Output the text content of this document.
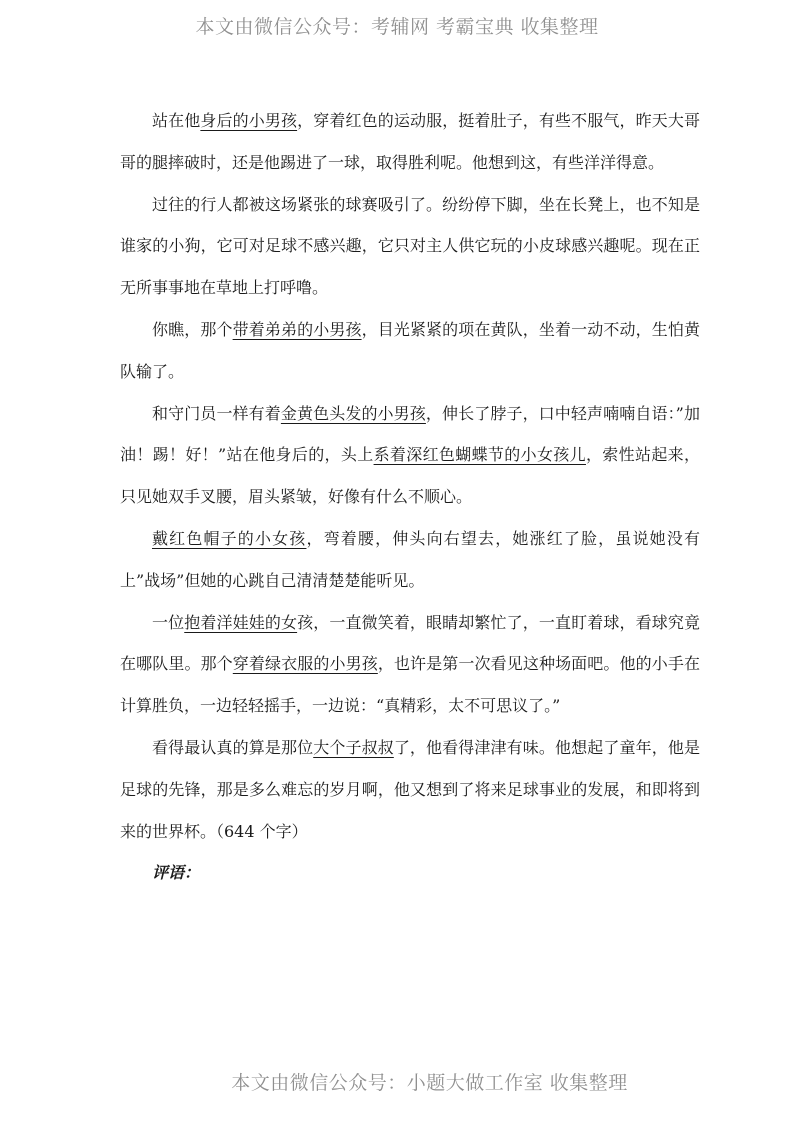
本文由微信公众号：考辅网 考霸宝典 收集整理

站在他身后的小男孩，穿着红色的运动服，挺着肚子，有些不服气，昨天大哥哥的腿摔破时，还是他踢进了一球，取得胜利呢。他想到这，有些洋洋得意。

过往的行人都被这场紧张的球赛吸引了。纷纷停下脚，坐在长凳上，也不知是谁家的小狗，它可对足球不感兴趣，它只对主人供它玩的小皮球感兴趣呢。现在正无所事事地在草地上打呼噜。

你瞧，那个带着弟弟的小男孩，目光紧紧的项在黄队，坐着一动不动，生怕黄队输了。

和守门员一样有着金黄色头发的小男孩，伸长了脖子，口中轻声喃喃自语：”加油！踢！好！”站在他身后的，头上系着深红色蝴蝶节的小女孩儿，索性站起来，只见她双手叉腰，眉头紧皱，好像有什么不顺心。

戴红色帽子的小女孩，弯着腰，伸头向右望去，她涨红了脸，虽说她没有上”战场”但她的心跳自己清清楚楚能听见。

一位抱着洋娃娃的女孩，一直微笑着，眼睛却繁忙了，一直盯着球，看球究竟在哪队里。那个穿着绿衣服的小男孩，也许是第一次看见这种场面吧。他的小手在计算胜负，一边轻轻摇手，一边说：“真精彩，太不可思议了。”

看得最认真的算是那位大个子叔叔了，他看得津津有味。他想起了童年，他是足球的先锋，那是多么难忘的岁月啊，他又想到了将来足球事业的发展，和即将到来的世界杯。（644 个字）

评语：

本文由微信公众号：小题大做工作室 收集整理
